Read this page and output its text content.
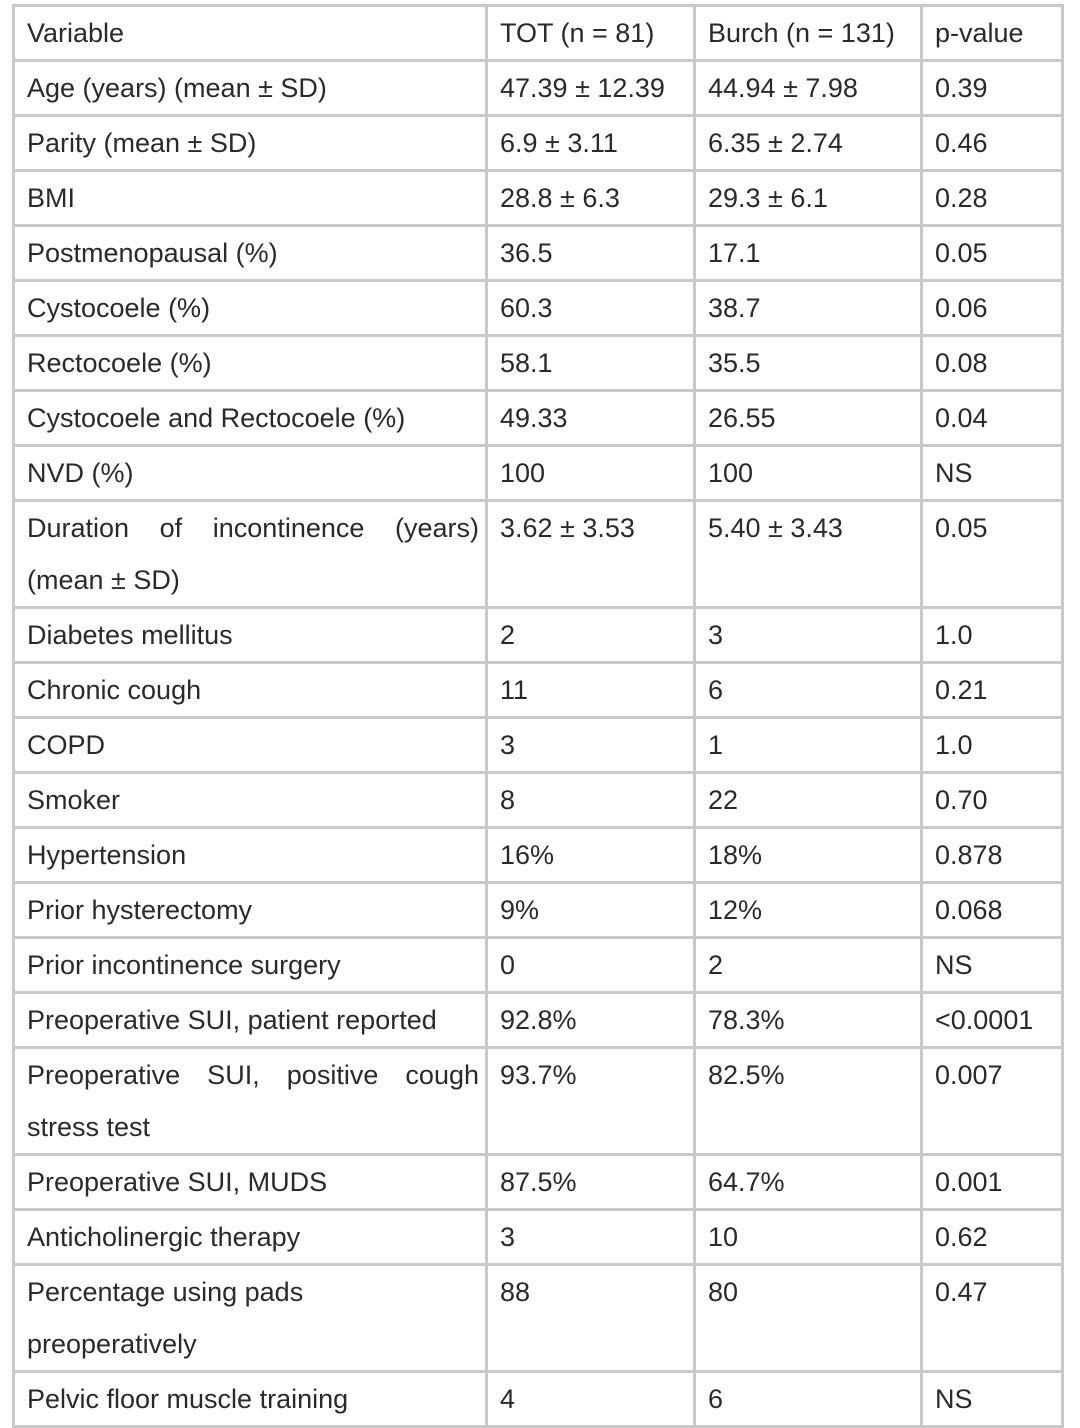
Variable	TOT (n = 81)	Burch (n = 131)	p-value
Age (years) (mean ± SD)	47.39 ± 12.39	44.94 ± 7.98	0.39
Parity (mean ± SD)	6.9 ± 3.11	6.35 ± 2.74	0.46
BMI	28.8 ± 6.3	29.3 ± 6.1	0.28
Postmenopausal (%)	36.5	17.1	0.05
Cystocoele (%)	60.3	38.7	0.06
Rectocoele (%)	58.1	35.5	0.08
Cystocoele and Rectocoele (%)	49.33	26.55	0.04
NVD (%)	100	100	NS
Duration of incontinence (years) (mean ± SD)	3.62 ± 3.53	5.40 ± 3.43	0.05
Diabetes mellitus	2	3	1.0
Chronic cough	11	6	0.21
COPD	3	1	1.0
Smoker	8	22	0.70
Hypertension	16%	18%	0.878
Prior hysterectomy	9%	12%	0.068
Prior incontinence surgery	0	2	NS
Preoperative SUI, patient reported	92.8%	78.3%	<0.0001
Preoperative SUI, positive cough stress test	93.7%	82.5%	0.007
Preoperative SUI, MUDS	87.5%	64.7%	0.001
Anticholinergic therapy	3	10	0.62
Percentage using pads preoperatively	88	80	0.47
Pelvic floor muscle training	4	6	NS
